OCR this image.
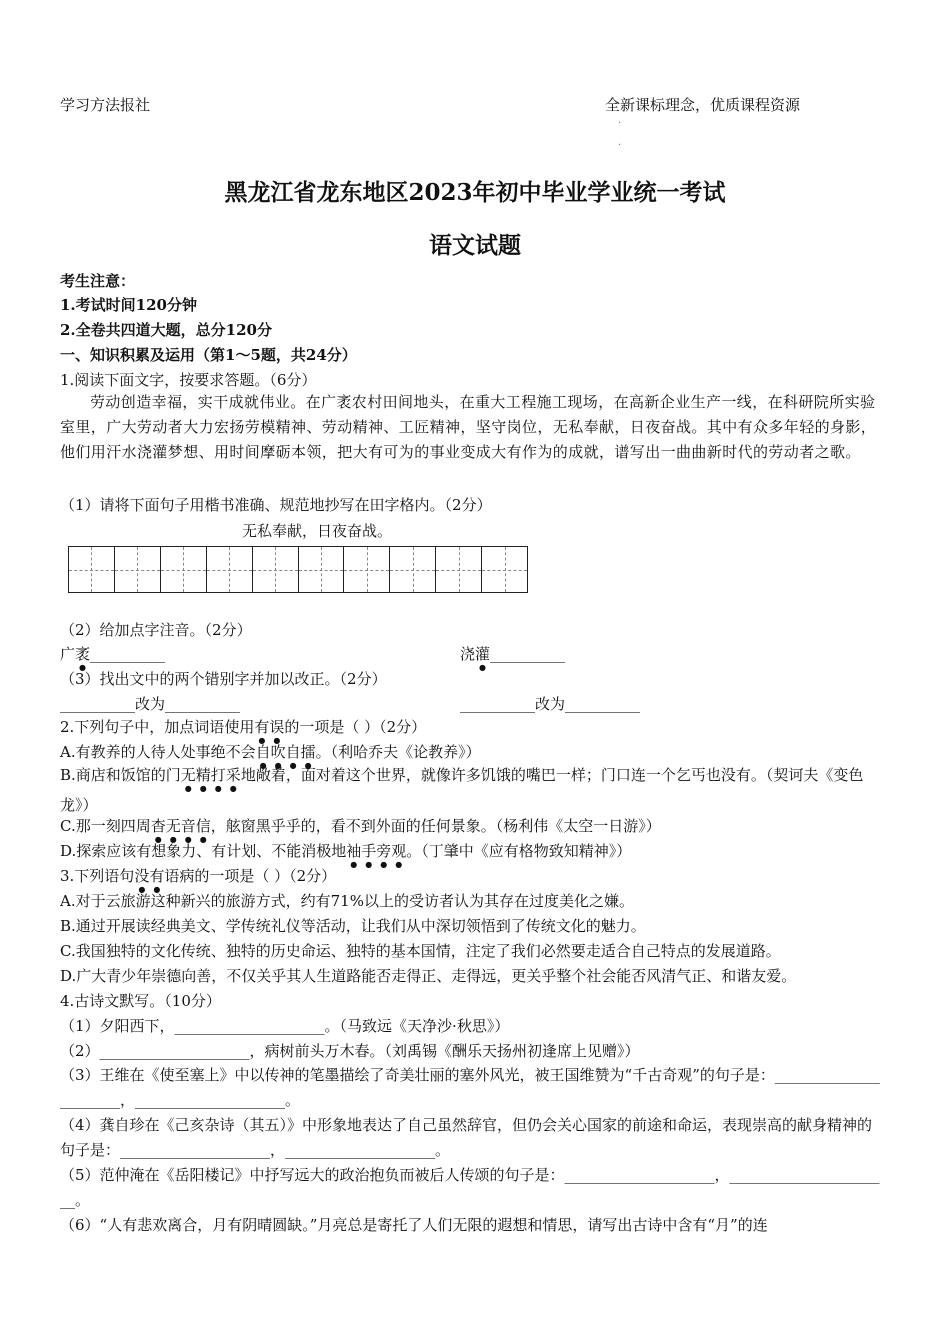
学习方法报社	全新课标理念，优质课程资源
·
·
黑龙江省龙东地区2023年初中毕业学业统一考试
语文试题
考生注意：
1.考试时间120分钟
2.全卷共四道大题，总分120分
一、知识积累及运用（第1～5题，共24分）
1.阅读下面文字，按要求答题。（6分）
劳动创造幸福，实干成就伟业。在广袤农村田间地头，在重大工程施工现场，在高新企业生产一线，在科研院所实验室里，广大劳动者大力宏扬劳模精神、劳动精神、工匠精神，坚守岗位，无私奉献，日夜奋战。其中有众多年轻的身影，他们用汗水浇灌梦想、用时间摩砺本领，把大有可为的事业变成大有作为的成就，谱写出一曲曲新时代的劳动者之歌。
（1）请将下面句子用楷书准确、规范地抄写在田字格内。（2分）
无私奉献，日夜奋战。
（2）给加点字注音。（2分）
广袤__________	浇灌__________
（3）找出文中的两个错别字并加以改正。（2分）
__________改为__________	__________改为__________
2.下列句子中，加点词语使用有误的一项是（ ）（2分）
A.有教养的人待人处事绝不会自吹自擂。（利哈乔夫《论教养》）
B.商店和饭馆的门无精打采地敞着，面对着这个世界，就像许多饥饿的嘴巴一样；门口连一个乞丐也没有。（契诃夫《变色龙》）
C.那一刻四周杳无音信，舷窗黑乎乎的，看不到外面的任何景象。（杨利伟《太空一日游》）
D.探索应该有想象力、有计划、不能消极地袖手旁观。（丁肇中《应有格物致知精神》）
3.下列语句没有语病的一项是（ ）（2分）
A.对于云旅游这种新兴的旅游方式，约有71%以上的受访者认为其存在过度美化之嫌。
B.通过开展读经典美文、学传统礼仪等活动，让我们从中深切领悟到了传统文化的魅力。
C.我国独特的文化传统、独特的历史命运、独特的基本国情，注定了我们必然要走适合自己特点的发展道路。
D.广大青少年崇德向善，不仅关乎其人生道路能否走得正、走得远，更关乎整个社会能否风清气正、和谐友爱。
4.古诗文默写。（10分）
（1）夕阳西下，____________________。（马致远《天净沙·秋思》）
（2）____________________，病树前头万木春。（刘禹锡《酬乐天扬州初逢席上见赠》）
（3）王维在《使至塞上》中以传神的笔墨描绘了奇美壮丽的塞外风光，被王国维赞为“千古奇观”的句子是：______________________，____________________。
（4）龚自珍在《己亥杂诗（其五）》中形象地表达了自己虽然辞官，但仍会关心国家的前途和命运，表现崇高的献身精神的句子是：____________________，____________________。
（5）范仲淹在《岳阳楼记》中抒写远大的政治抱负而被后人传颂的句子是：____________________，______________________。
（6）“人有悲欢离合，月有阴晴圆缺。”月亮总是寄托了人们无限的遐想和情思，请写出古诗中含有“月”的连
